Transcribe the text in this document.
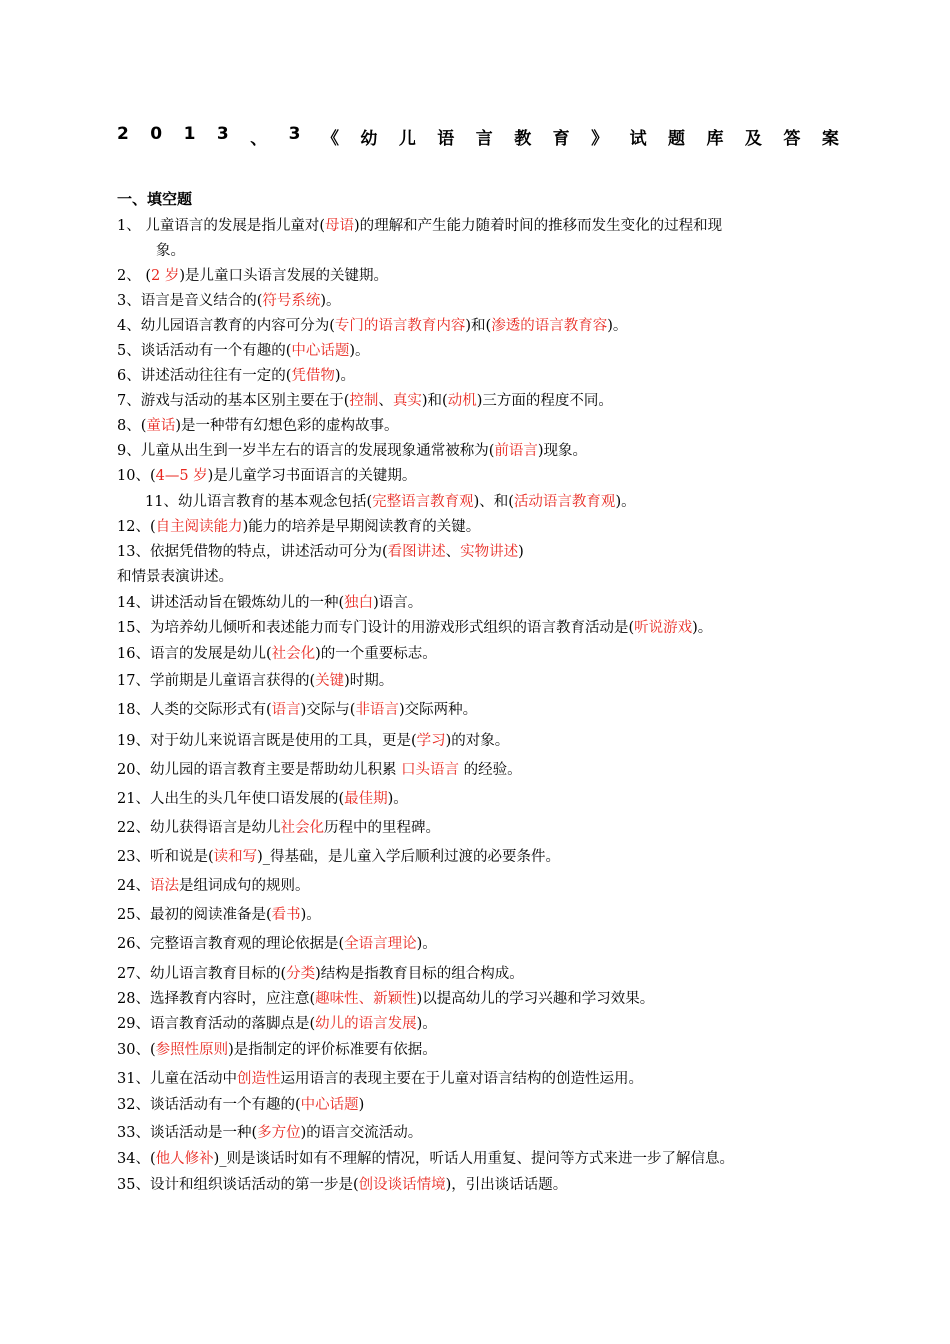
2 0 1 3 、 3 《 幼 儿 语 言 教 育 》 试 题 库 及 答 案
一、填空题
1、 儿童语言的发展是指儿童对(母语)的理解和产生能力随着时间的推移而发生变化的过程和现
象。
2、 (2 岁)是儿童口头语言发展的关键期。
3、语言是音义结合的(符号系统)。
4、幼儿园语言教育的内容可分为(专门的语言教育内容)和(渗透的语言教育容)。
5、谈话活动有一个有趣的(中心话题)。
6、讲述活动往往有一定的(凭借物)。
7、游戏与活动的基本区别主要在于(控制、真实)和(动机)三方面的程度不同。
8、(童话)是一种带有幻想色彩的虚构故事。
9、儿童从出生到一岁半左右的语言的发展现象通常被称为(前语言)现象。
10、(4—5 岁)是儿童学习书面语言的关键期。
11、幼儿语言教育的基本观念包括(完整语言教育观)、和(活动语言教育观)。
12、(自主阅读能力)能力的培养是早期阅读教育的关键。
13、依据凭借物的特点，讲述活动可分为(看图讲述、实物讲述)
和情景表演讲述。
14、讲述活动旨在锻炼幼儿的一种(独白)语言。
15、为培养幼儿倾听和表述能力而专门设计的用游戏形式组织的语言教育活动是(听说游戏)。
16、语言的发展是幼儿(社会化)的一个重要标志。
17、学前期是儿童语言获得的(关键)时期。
18、人类的交际形式有(语言)交际与(非语言)交际两种。
19、对于幼儿来说语言既是使用的工具，更是(学习)的对象。
20、幼儿园的语言教育主要是帮助幼儿积累 口头语言 的经验。
21、人出生的头几年使口语发展的(最佳期)。
22、幼儿获得语言是幼儿社会化历程中的里程碑。
23、听和说是(读和写)_得基础，是儿童入学后顺利过渡的必要条件。
24、语法是组词成句的规则。
25、最初的阅读准备是(看书)。
26、完整语言教育观的理论依据是(全语言理论)。
27、幼儿语言教育目标的(分类)结构是指教育目标的组合构成。
28、选择教育内容时，应注意(趣味性、新颖性)以提高幼儿的学习兴趣和学习效果。
29、语言教育活动的落脚点是(幼儿的语言发展)。
30、(参照性原则)是指制定的评价标准要有依据。
31、儿童在活动中创造性运用语言的表现主要在于儿童对语言结构的创造性运用。
32、谈话活动有一个有趣的(中心话题)
33、谈话活动是一种(多方位)的语言交流活动。
34、(他人修补)_则是谈话时如有不理解的情况，听话人用重复、提问等方式来进一步了解信息。
35、设计和组织谈话活动的第一步是(创设谈话情境)，引出谈话话题。
